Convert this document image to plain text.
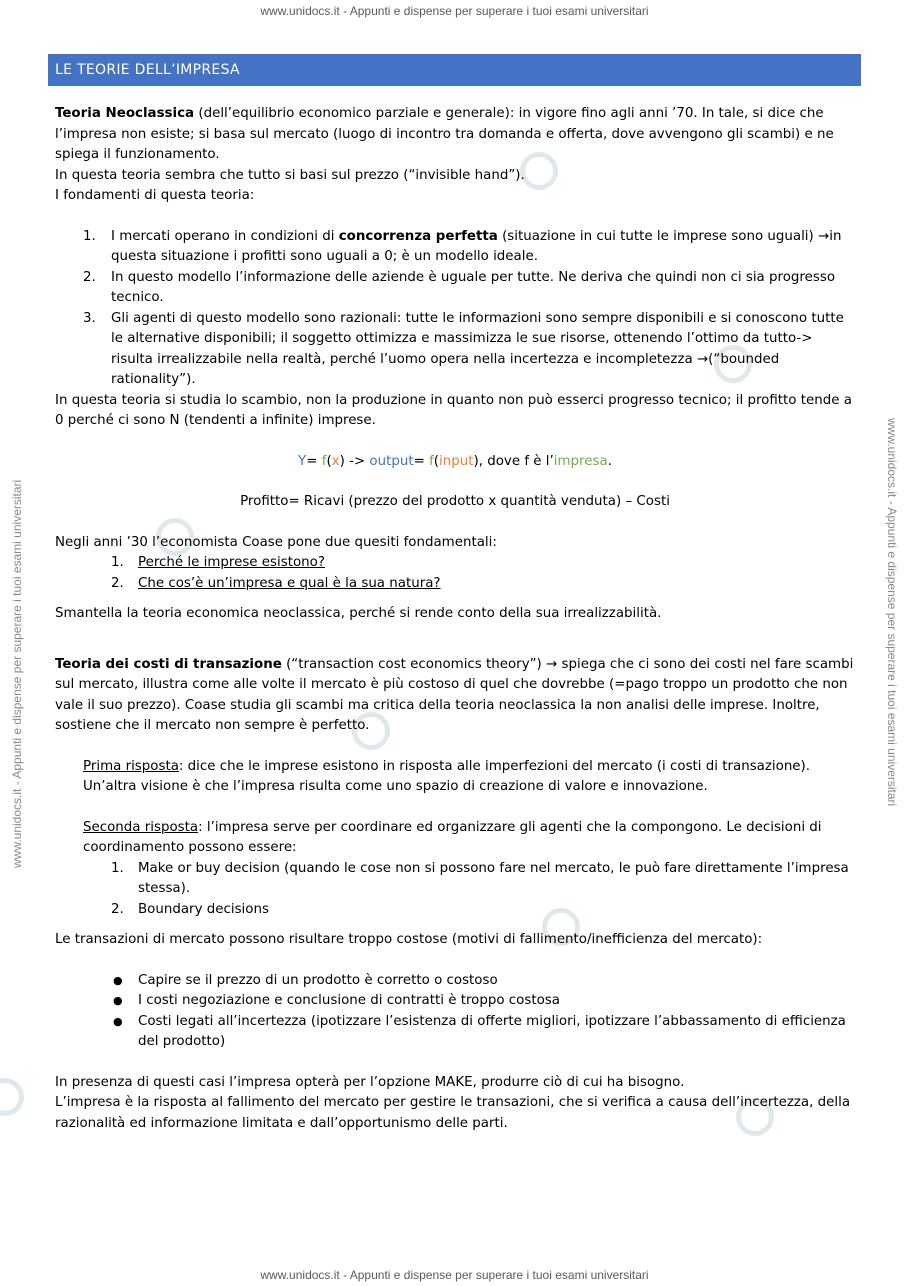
www.unidocs.it - Appunti e dispense per superare i tuoi esami universitari
www.unidocs.it - Appunti e dispense per superare i tuoi esami universitari
www.unidocs.it - Appunti e dispense per superare i tuoi esami universitari	www.unidocs.it - Appunti e dispense per superare i tuoi esami universitari
LE TEORIE DELL’IMPRESA

Teoria Neoclassica (dell’equilibrio economico parziale e generale): in vigore fino agli anni ’70. In tale, si dice che l’impresa non esiste; si basa sul mercato (luogo di incontro tra domanda e offerta, dove avvengono gli scambi) e ne spiega il funzionamento.

In questa teoria sembra che tutto si basi sul prezzo (“invisible hand”).

I fondamenti di questa teoria:

1. I mercati operano in condizioni di concorrenza perfetta (situazione in cui tutte le imprese sono uguali) →in questa situazione i profitti sono uguali a 0; è un modello ideale.
2. In questo modello l’informazione delle aziende è uguale per tutte. Ne deriva che quindi non ci sia progresso tecnico.
3. Gli agenti di questo modello sono razionali: tutte le informazioni sono sempre disponibili e si conoscono tutte le alternative disponibili; il soggetto ottimizza e massimizza le sue risorse, ottenendo l’ottimo da tutto-> risulta irrealizzabile nella realtà, perché l’uomo opera nella incertezza e incompletezza →(“bounded rationality”).

In questa teoria si studia lo scambio, non la produzione in quanto non può esserci progresso tecnico; il profitto tende a 0 perché ci sono N (tendenti a infinite) imprese.

Y= f(x) -> output= f(input), dove f è l’impresa.

Profitto= Ricavi (prezzo del prodotto x quantità venduta) – Costi

Negli anni ’30 l’economista Coase pone due quesiti fondamentali:

1. Perché le imprese esistono?
2. Che cos’è un’impresa e qual è la sua natura?

Smantella la teoria economica neoclassica, perché si rende conto della sua irrealizzabilità.

Teoria dei costi di transazione (“transaction cost economics theory”) → spiega che ci sono dei costi nel fare scambi sul mercato, illustra come alle volte il mercato è più costoso di quel che dovrebbe (=pago troppo un prodotto che non vale il suo prezzo). Coase studia gli scambi ma critica della teoria neoclassica la non analisi delle imprese. Inoltre, sostiene che il mercato non sempre è perfetto.

Prima risposta: dice che le imprese esistono in risposta alle imperfezioni del mercato (i costi di transazione). Un’altra visione è che l’impresa risulta come uno spazio di creazione di valore e innovazione.

Seconda risposta: l’impresa serve per coordinare ed organizzare gli agenti che la compongono. Le decisioni di coordinamento possono essere:

1. Make or buy decision (quando le cose non si possono fare nel mercato, le può fare direttamente l’impresa stessa).
2. Boundary decisions

Le transazioni di mercato possono risultare troppo costose (motivi di fallimento/inefficienza del mercato):

● Capire se il prezzo di un prodotto è corretto o costoso
● I costi negoziazione e conclusione di contratti è troppo costosa
● Costi legati all’incertezza (ipotizzare l’esistenza di offerte migliori, ipotizzare l’abbassamento di efficienza del prodotto)

In presenza di questi casi l’impresa opterà per l’opzione MAKE, produrre ciò di cui ha bisogno.

L’impresa è la risposta al fallimento del mercato per gestire le transazioni, che si verifica a causa dell’incertezza, della razionalità ed informazione limitata e dall’opportunismo delle parti.
